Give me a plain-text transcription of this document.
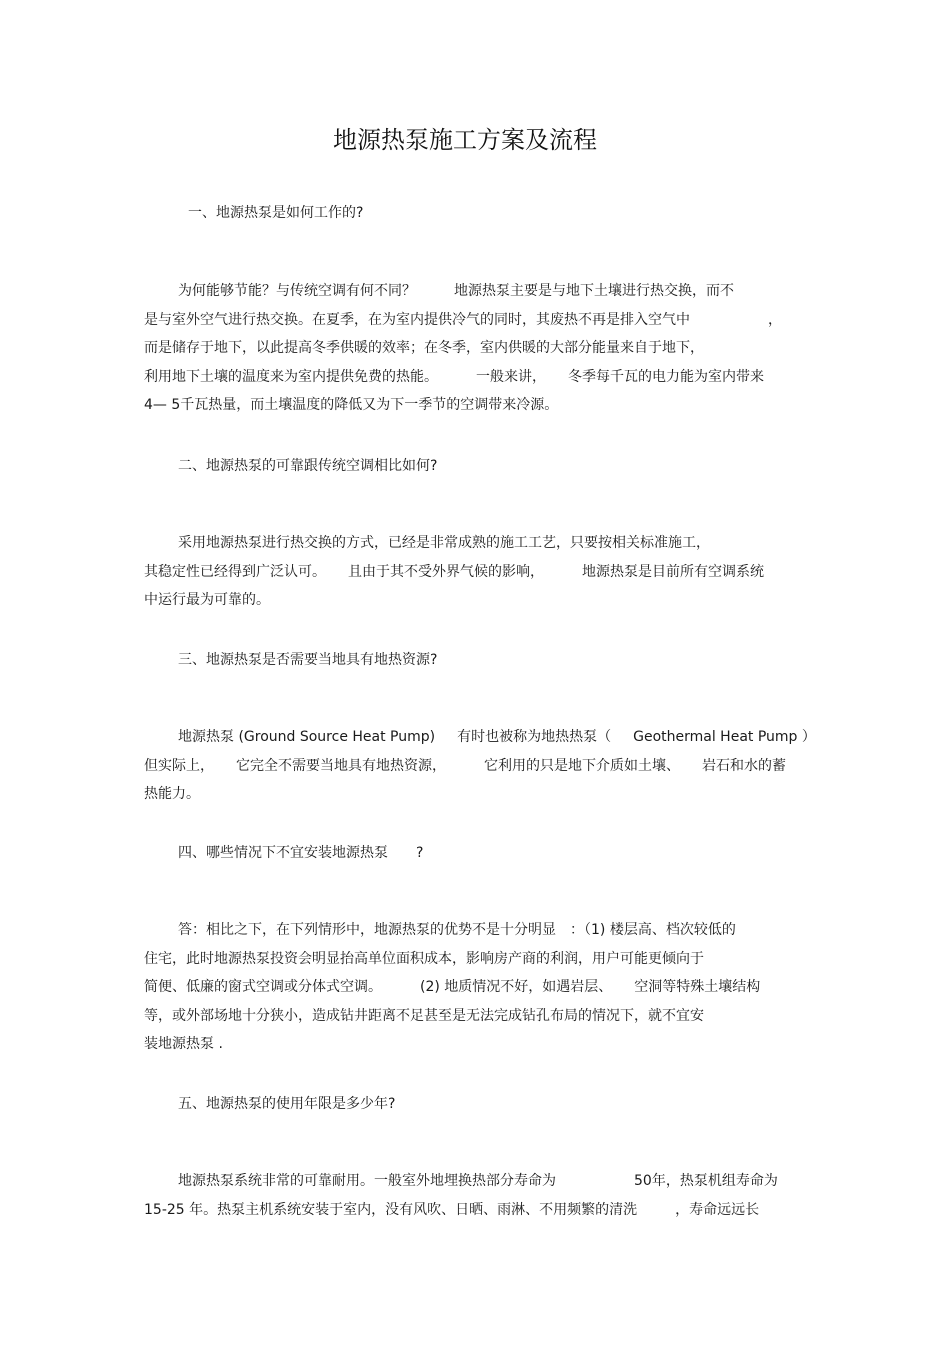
地源热泵施工方案及流程
一、地源热泵是如何工作的?
为何能够节能？与传统空调有何不同？	地源热泵主要是与地下土壤进行热交换，而不
是与室外空气进行热交换。在夏季，在为室内提供冷气的同时，其废热不再是排入空气中	，
而是储存于地下，以此提高冬季供暖的效率；在冬季，室内供暖的大部分能量来自于地下，
利用地下土壤的温度来为室内提供免费的热能。	一般来讲， 冬季每千瓦的电力能为室内带来
4— 5千瓦热量，而土壤温度的降低又为下一季节的空调带来冷源。
二、地源热泵的可靠跟传统空调相比如何?
采用地源热泵进行热交换的方式，已经是非常成熟的施工工艺，只要按相关标准施工，
其稳定性已经得到广泛认可。 且由于其不受外界气候的影响，	地源热泵是目前所有空调系统
中运行最为可靠的。
三、地源热泵是否需要当地具有地热资源?
地源热泵 (Ground Source Heat Pump) 有时也被称为地热热泵（ Geothermal Heat Pump ）
但实际上， 它完全不需要当地具有地热资源，	它利用的只是地下介质如土壤、 岩石和水的蓄
热能力。
四、哪些情况下不宜安装地源热泵　　?
答：相比之下，在下列情形中，地源热泵的优势不是十分明显　：（1) 楼层高、档次较低的
住宅，此时地源热泵投资会明显抬高单位面积成本，影响房产商的利润，用户可能更倾向于
简便、低廉的窗式空调或分体式空调。	(2) 地质情况不好，如遇岩层、 空洞等特殊土壤结构
等，或外部场地十分狭小，造成钻井距离不足甚至是无法完成钻孔布局的情况下，就不宜安
装地源热泵 .
五、地源热泵的使用年限是多少年?
地源热泵系统非常的可靠耐用。一般室外地埋换热部分寿命为	50年，热泵机组寿命为
15-25 年。热泵主机系统安装于室内，没有风吹、日晒、雨淋、不用频繁的清洗	，寿命远远长
